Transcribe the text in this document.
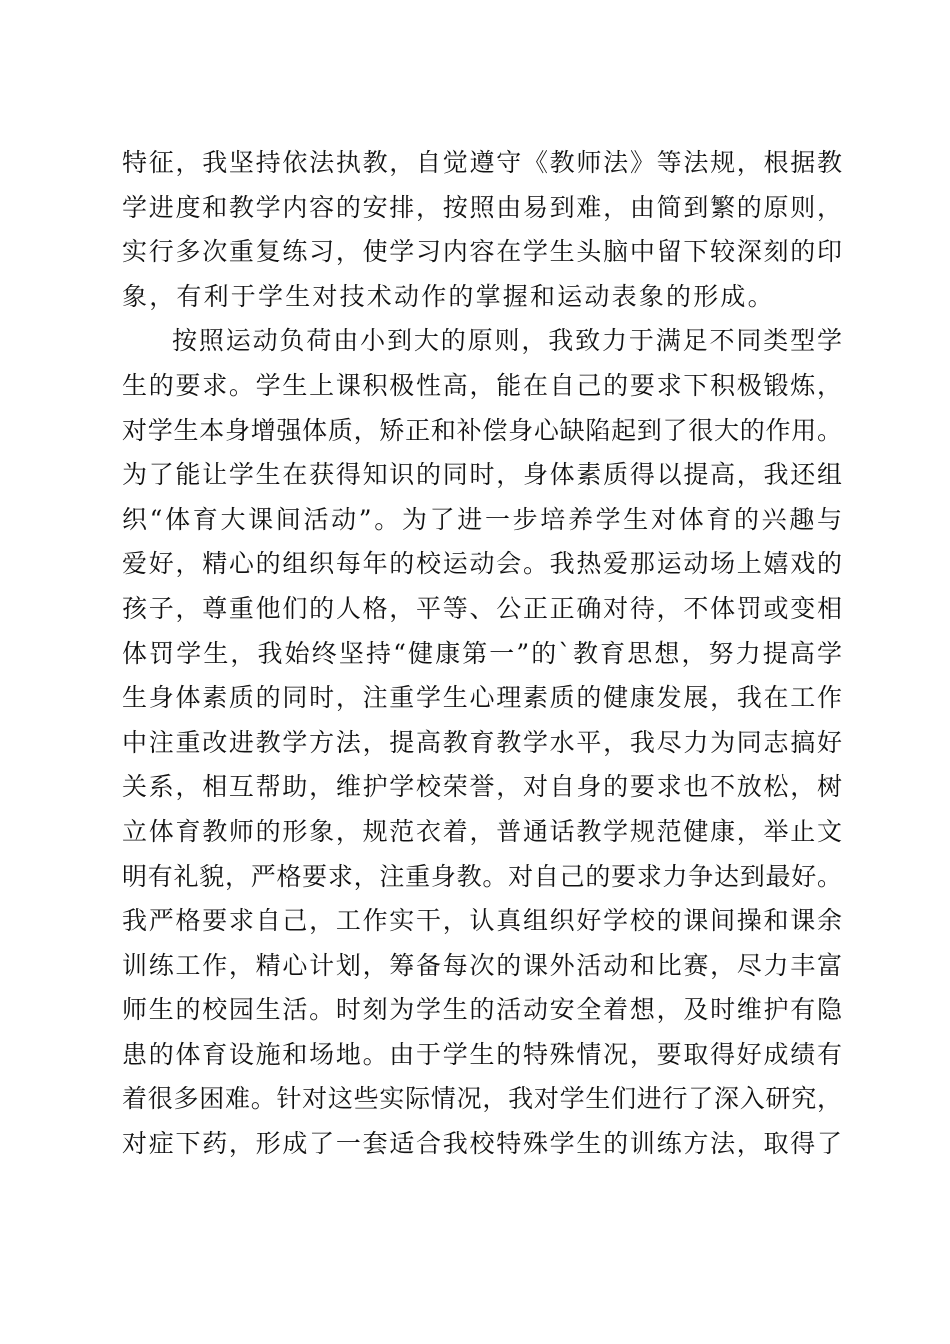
特征，我坚持依法执教，自觉遵守《教师法》等法规，根据教
学进度和教学内容的安排，按照由易到难，由简到繁的原则，
实行多次重复练习，使学习内容在学生头脑中留下较深刻的印
象，有利于学生对技术动作的掌握和运动表象的形成。
按照运动负荷由小到大的原则，我致力于满足不同类型学
生的要求。学生上课积极性高，能在自己的要求下积极锻炼，
对学生本身增强体质，矫正和补偿身心缺陷起到了很大的作用。
为了能让学生在获得知识的同时，身体素质得以提高，我还组
织“体育大课间活动”。为了进一步培养学生对体育的兴趣与
爱好，精心的组织每年的校运动会。我热爱那运动场上嬉戏的
孩子，尊重他们的人格，平等、公正正确对待，不体罚或变相
体罚学生，我始终坚持“健康第一”的`教育思想，努力提高学
生身体素质的同时，注重学生心理素质的健康发展，我在工作
中注重改进教学方法，提高教育教学水平，我尽力为同志搞好
关系，相互帮助，维护学校荣誉，对自身的要求也不放松，树
立体育教师的形象，规范衣着，普通话教学规范健康，举止文
明有礼貌，严格要求，注重身教。对自己的要求力争达到最好。
我严格要求自己，工作实干，认真组织好学校的课间操和课余
训练工作，精心计划，筹备每次的课外活动和比赛，尽力丰富
师生的校园生活。时刻为学生的活动安全着想，及时维护有隐
患的体育设施和场地。由于学生的特殊情况，要取得好成绩有
着很多困难。针对这些实际情况，我对学生们进行了深入研究，
对症下药，形成了一套适合我校特殊学生的训练方法，取得了
